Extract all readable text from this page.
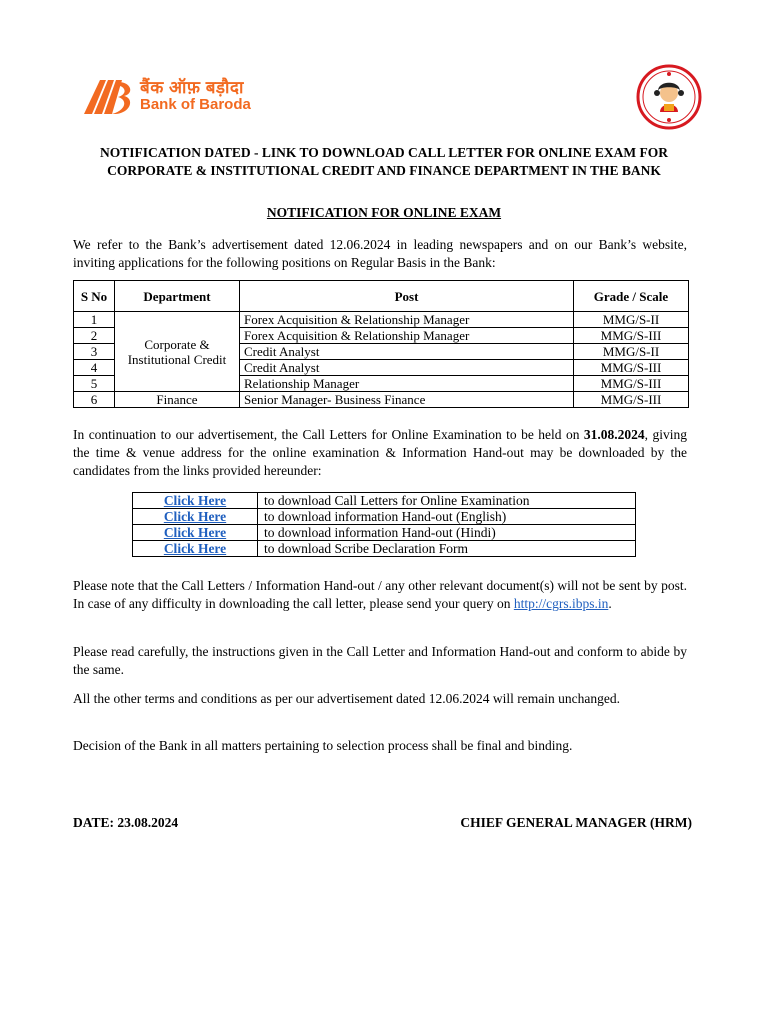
बैंक ऑफ़ बड़ौदा
Bank of Baroda
NOTIFICATION DATED - LINK TO DOWNLOAD CALL LETTER FOR ONLINE EXAM FOR CORPORATE & INSTITUTIONAL CREDIT AND FINANCE DEPARTMENT IN THE BANK
NOTIFICATION FOR ONLINE EXAM

We refer to the Bank’s advertisement dated 12.06.2024 in leading newspapers and on our Bank’s website, inviting applications for the following positions on Regular Basis in the Bank:

S No	Department	Post	Grade / Scale
1	Corporate & Institutional Credit	Forex Acquisition & Relationship Manager	MMG/S-II
2		Forex Acquisition & Relationship Manager	MMG/S-III
3		Credit Analyst	MMG/S-II
4		Credit Analyst	MMG/S-III
5		Relationship Manager	MMG/S-III
6	Finance	Senior Manager- Business Finance	MMG/S-III

In continuation to our advertisement, the Call Letters for Online Examination to be held on 31.08.2024, giving the time & venue address for the online examination & Information Hand-out may be downloaded by the candidates from the links provided hereunder:

Click Here	to download Call Letters for Online Examination
Click Here	to download information Hand-out (English)
Click Here	to download information Hand-out (Hindi)
Click Here	to download Scribe Declaration Form

Please note that the Call Letters / Information Hand-out / any other relevant document(s) will not be sent by post. In case of any difficulty in downloading the call letter, please send your query on http://cgrs.ibps.in.

Please read carefully, the instructions given in the Call Letter and Information Hand-out and conform to abide by the same.

All the other terms and conditions as per our advertisement dated 12.06.2024 will remain unchanged.

Decision of the Bank in all matters pertaining to selection process shall be final and binding.

DATE: 23.08.2024	CHIEF GENERAL MANAGER (HRM)
